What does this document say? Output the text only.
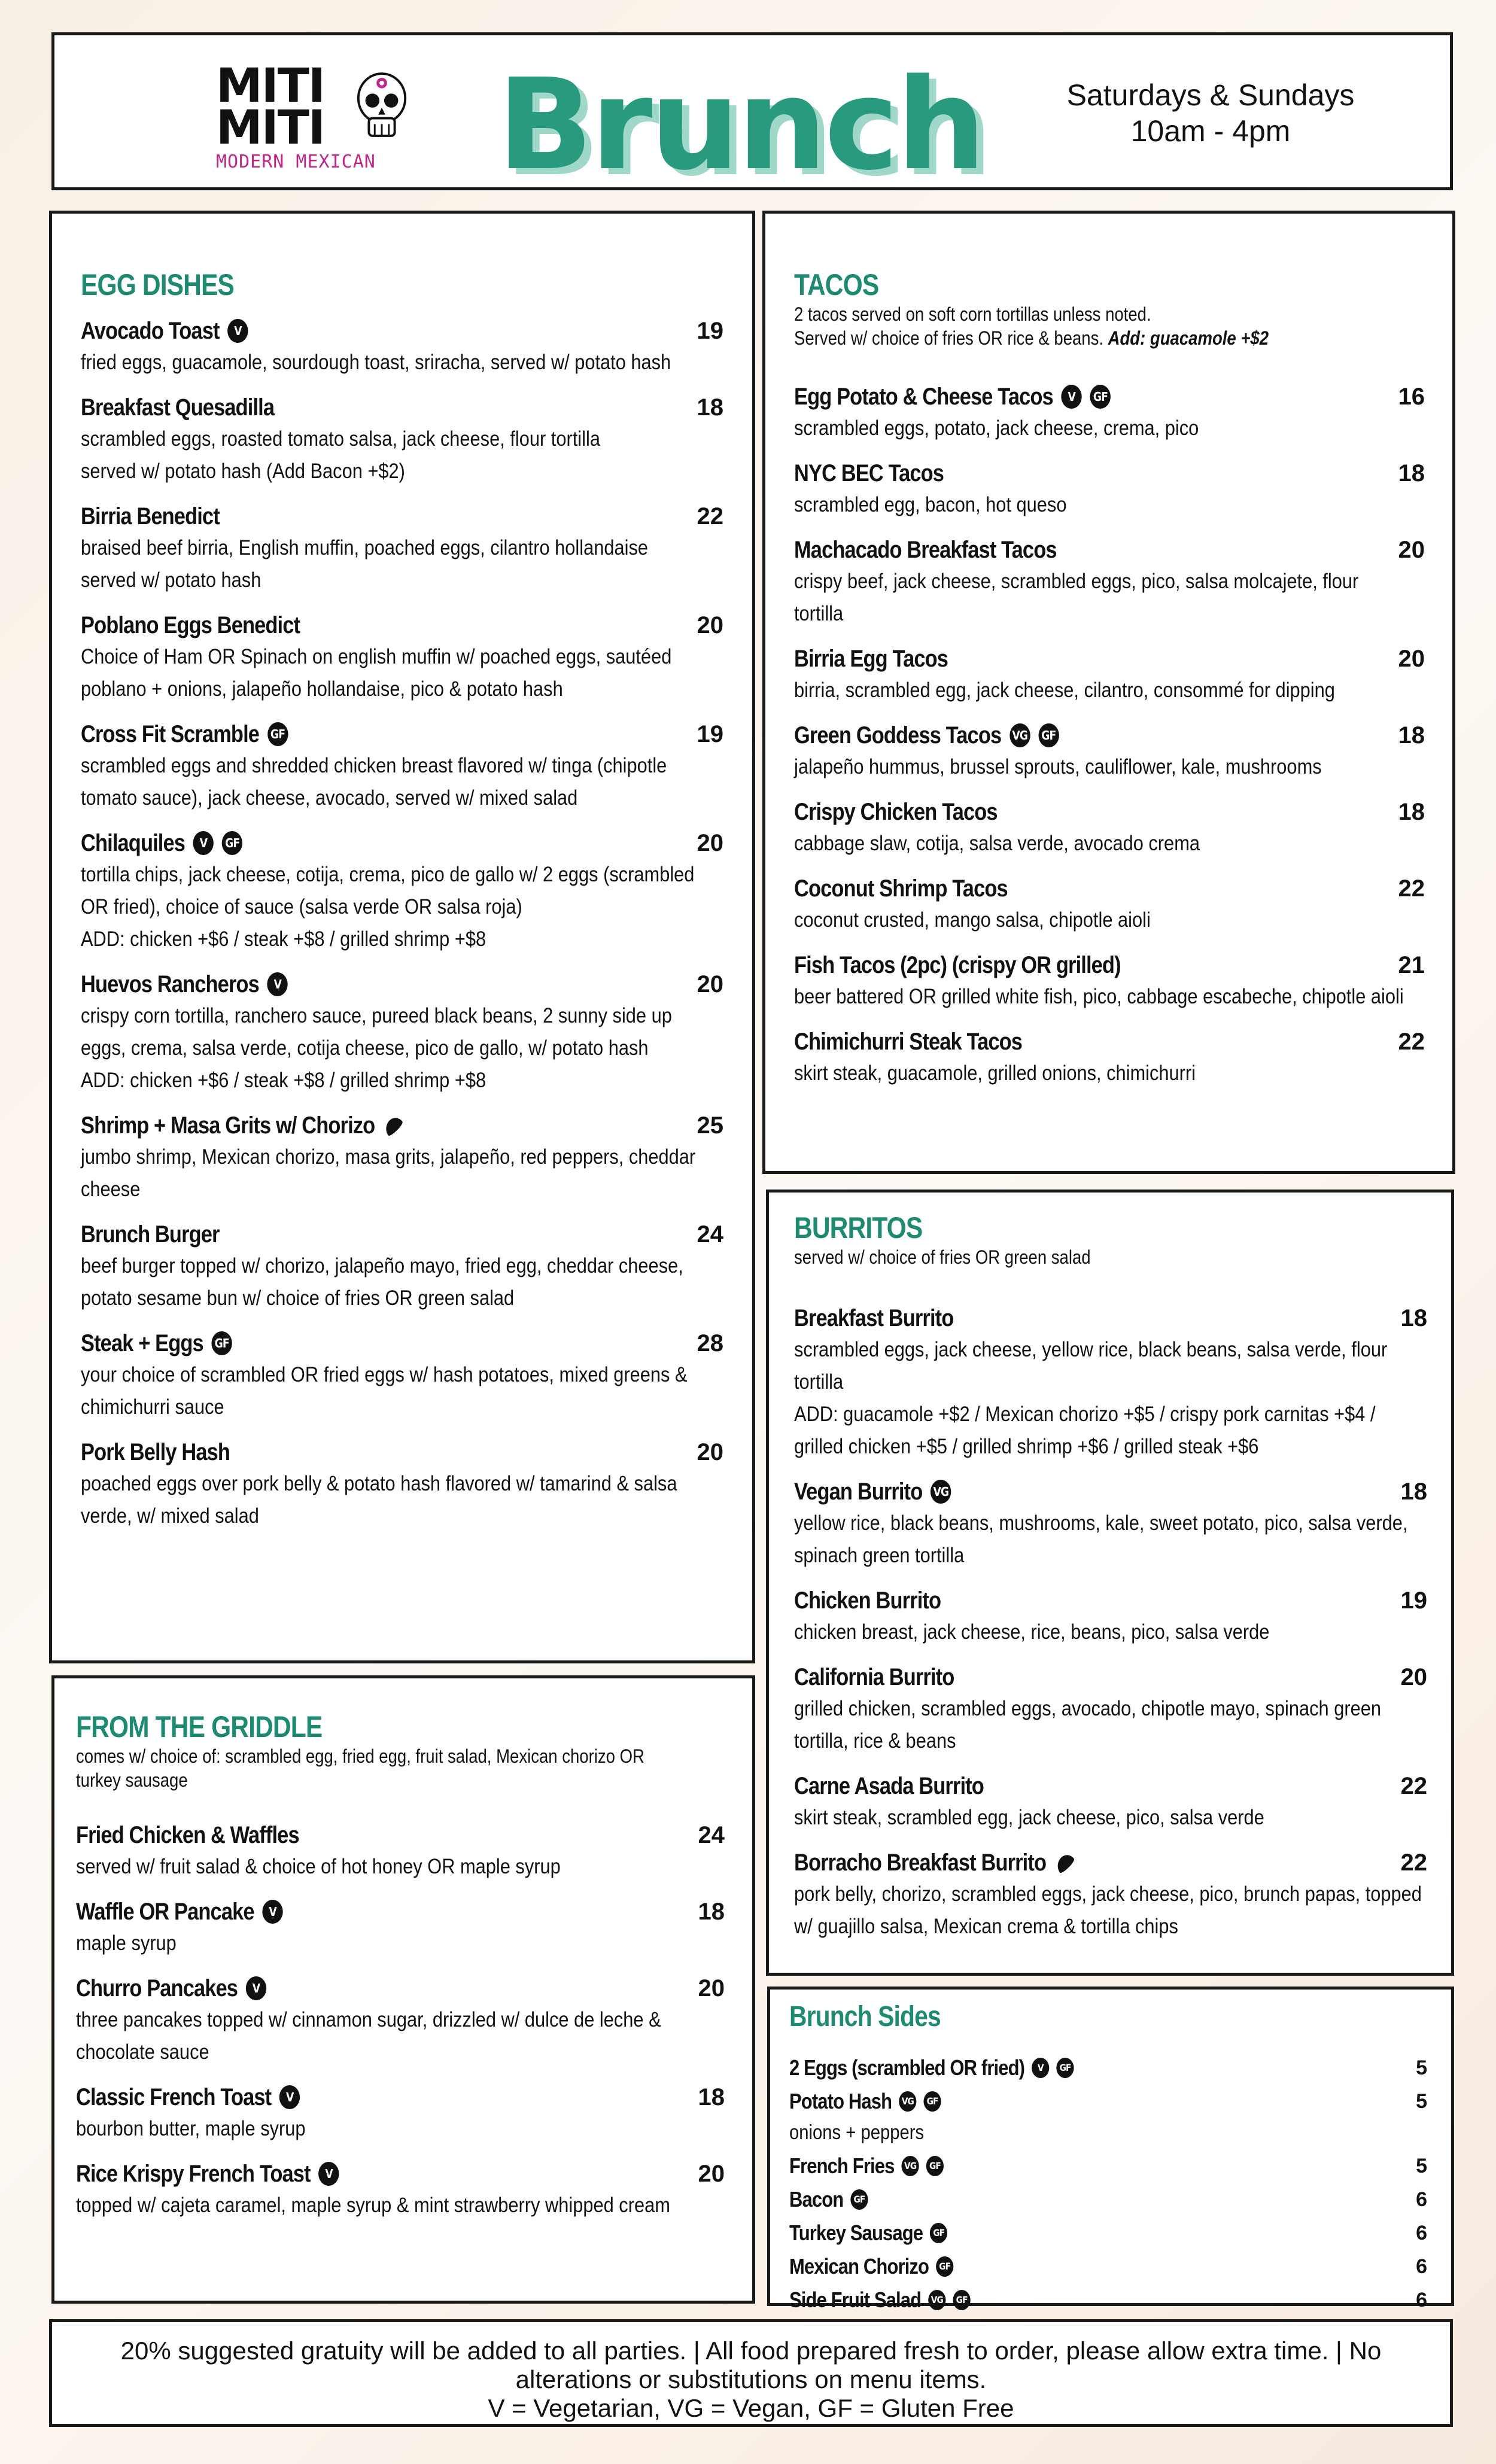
MITI
MITI
MODERN MEXICAN Brunch	Saturdays & Sundays
10am - 4pm
EGG DISHES
Avocado Toast	V	19
fried eggs, guacamole, sourdough toast, sriracha, served w/ potato hash
Breakfast Quesadilla	18
scrambled eggs, roasted tomato salsa, jack cheese, flour tortilla
served w/ potato hash (Add Bacon +$2)
Birria Benedict	22
braised beef birria, English muffin, poached eggs, cilantro hollandaise
served w/ potato hash
Poblano Eggs Benedict	20
Choice of Ham OR Spinach on english muffin w/ poached eggs, sautéed
poblano + onions, jalapeño hollandaise, pico & potato hash
Cross Fit Scramble GF	19
scrambled eggs and shredded chicken breast flavored w/ tinga (chipotle
tomato sauce), jack cheese, avocado, served w/ mixed salad
Chilaquiles	V	GF	20
tortilla chips, jack cheese, cotija, crema, pico de gallo w/ 2 eggs (scrambled
OR fried), choice of sauce (salsa verde OR salsa roja)
ADD: chicken +$6 / steak +$8 / grilled shrimp +$8
Huevos Rancheros	V	20
crispy corn tortilla, ranchero sauce, pureed black beans, 2 sunny side up
eggs, crema, salsa verde, cotija cheese, pico de gallo, w/ potato hash
ADD: chicken +$6 / steak +$8 / grilled shrimp +$8
Shrimp + Masa Grits w/ Chorizo	25
jumbo shrimp, Mexican chorizo, masa grits, jalapeño, red peppers, cheddar
cheese
Brunch Burger	24
beef burger topped w/ chorizo, jalapeño mayo, fried egg, cheddar cheese,
potato sesame bun w/ choice of fries OR green salad
Steak + Eggs GF	28
your choice of scrambled OR fried eggs w/ hash potatoes, mixed greens &
chimichurri sauce
Pork Belly Hash	20
poached eggs over pork belly & potato hash flavored w/ tamarind & salsa
verde, w/ mixed salad
FROM THE GRIDDLE
comes w/ choice of: scrambled egg, fried egg, fruit salad, Mexican chorizo OR turkey sausage
Fried Chicken & Waffles	24
served w/ fruit salad & choice of hot honey OR maple syrup
Waffle OR Pancake	V	18
maple syrup
Churro Pancakes	V	20
three pancakes topped w/ cinnamon sugar, drizzled w/ dulce de leche &
chocolate sauce
Classic French Toast	V	18
bourbon butter, maple syrup
Rice Krispy French Toast	V	20
topped w/ cajeta caramel, maple syrup & mint strawberry whipped cream
TACOS
2 tacos served on soft corn tortillas unless noted.
Served w/ choice of fries OR rice & beans. Add: guacamole +$2
Egg Potato & Cheese Tacos	V	GF	16
scrambled eggs, potato, jack cheese, crema, pico
NYC BEC Tacos	18
scrambled egg, bacon, hot queso
Machacado Breakfast Tacos	20
crispy beef, jack cheese, scrambled eggs, pico, salsa molcajete, flour
tortilla
Birria Egg Tacos	20
birria, scrambled egg, jack cheese, cilantro, consommé for dipping
Green Goddess Tacos VG GF	18
jalapeño hummus, brussel sprouts, cauliflower, kale, mushrooms
Crispy Chicken Tacos	18
cabbage slaw, cotija, salsa verde, avocado crema
Coconut Shrimp Tacos	22
coconut crusted, mango salsa, chipotle aioli
Fish Tacos (2pc) (crispy OR grilled)	21
beer battered OR grilled white fish, pico, cabbage escabeche, chipotle aioli
Chimichurri Steak Tacos	22
skirt steak, guacamole, grilled onions, chimichurri
BURRITOS
served w/ choice of fries OR green salad
Breakfast Burrito	18
scrambled eggs, jack cheese, yellow rice, black beans, salsa verde, flour
tortilla
ADD: guacamole +$2 / Mexican chorizo +$5 / crispy pork carnitas +$4 /
grilled chicken +$5 / grilled shrimp +$6 / grilled steak +$6
Vegan Burrito VG	18
yellow rice, black beans, mushrooms, kale, sweet potato, pico, salsa verde,
spinach green tortilla
Chicken Burrito	19
chicken breast, jack cheese, rice, beans, pico, salsa verde
California Burrito	20
grilled chicken, scrambled eggs, avocado, chipotle mayo, spinach green
tortilla, rice & beans
Carne Asada Burrito	22
skirt steak, scrambled egg, jack cheese, pico, salsa verde
Borracho Breakfast Burrito	22
pork belly, chorizo, scrambled eggs, jack cheese, pico, brunch papas, topped
w/ guajillo salsa, Mexican crema & tortilla chips
Brunch Sides
2 Eggs (scrambled OR fried)	V	GF	5
Potato Hash VG	GF	5
onions + peppers
French Fries VG	GF	5
Bacon	GF	6
Turkey Sausage	GF	6
Mexican Chorizo	GF	6
Side Fruit Salad VG	GF	6
20% suggested gratuity will be added to all parties. | All food prepared fresh to order, please allow extra time. | No
alterations or substitutions on menu items.
V = Vegetarian, VG = Vegan, GF = Gluten Free
